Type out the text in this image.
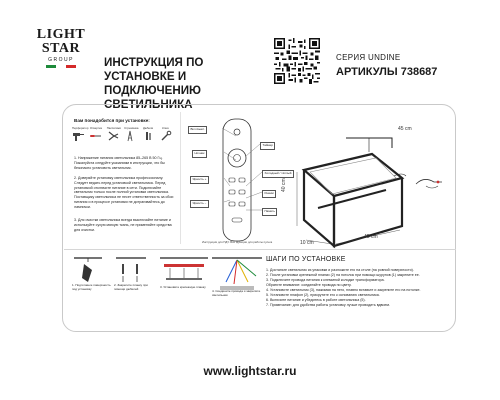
LIGHT
STAR
GROUP	ИНСТРУКЦИЯ ПО УСТАНОВКЕ И
ПОДКЛЮЧЕНИЮ СВЕТИЛЬНИКА
СЕРИЯ UNDINE
АРТИКУЛЫ 738687
Вам понадобится при установке:
Перфоратор Отвертка Пассатижи Стремянка	Дюбели	Ключ
1. Напряжение питания светильника 85–265 В 50 Гц. Пожалуйста следуйте указаниям в инструкции, что бы безопасно установить светильник.
2. Доверяйте установку светильника профессионалу. Следует ведать перед установкой светильника. Перед установкой отключите питание в сети. Подключайте светильник только после полной установки светильника. Поставщику светильника не несет ответственность за сбои питания и в процессе установки не дотрагивайтесь до лампочки.
3. Для очистки светильника всегда выключайте питание и используйте сухую мягкую ткань, не применяйте средства для очистки.
Вкл./выкл.
Ночник
Яркость +
Яркость −
Таймер
Холодный / тёплый
Режим
Память
Инструкция для ПДУ. Все функции для работы пульта
40 cm
10 cm
45 cm
45 cm
1. Подготовьте поверхность под установку
2. Закрепите планку при помощи дюбелей	3. Установите крепежную планку
4. Соедините провода и закрепите светильник
ШАГИ ПО УСТАНОВКЕ
1. Достаньте светильник из упаковки и разложите его на столе (на ровной поверхности).
2. После установки крепежной планки (2) на потолок при помощи шурупов (1) закрепите ее.
3. Подключите провода питания к клеммной колодке трансформатора.
Обратите внимание: соединяйте провода по цвету.
4. Установите светильник (3), нажимая на него, плавно вставьте и закрепите его на потолке.
5. Установите плафон (2), прикрутите его к основанию светильника.
6. Включите питание и убедитесь в работе светильника (5).
7. Примечание: для удобства работы установку лучше проводить вдвоем.
www.lightstar.ru
